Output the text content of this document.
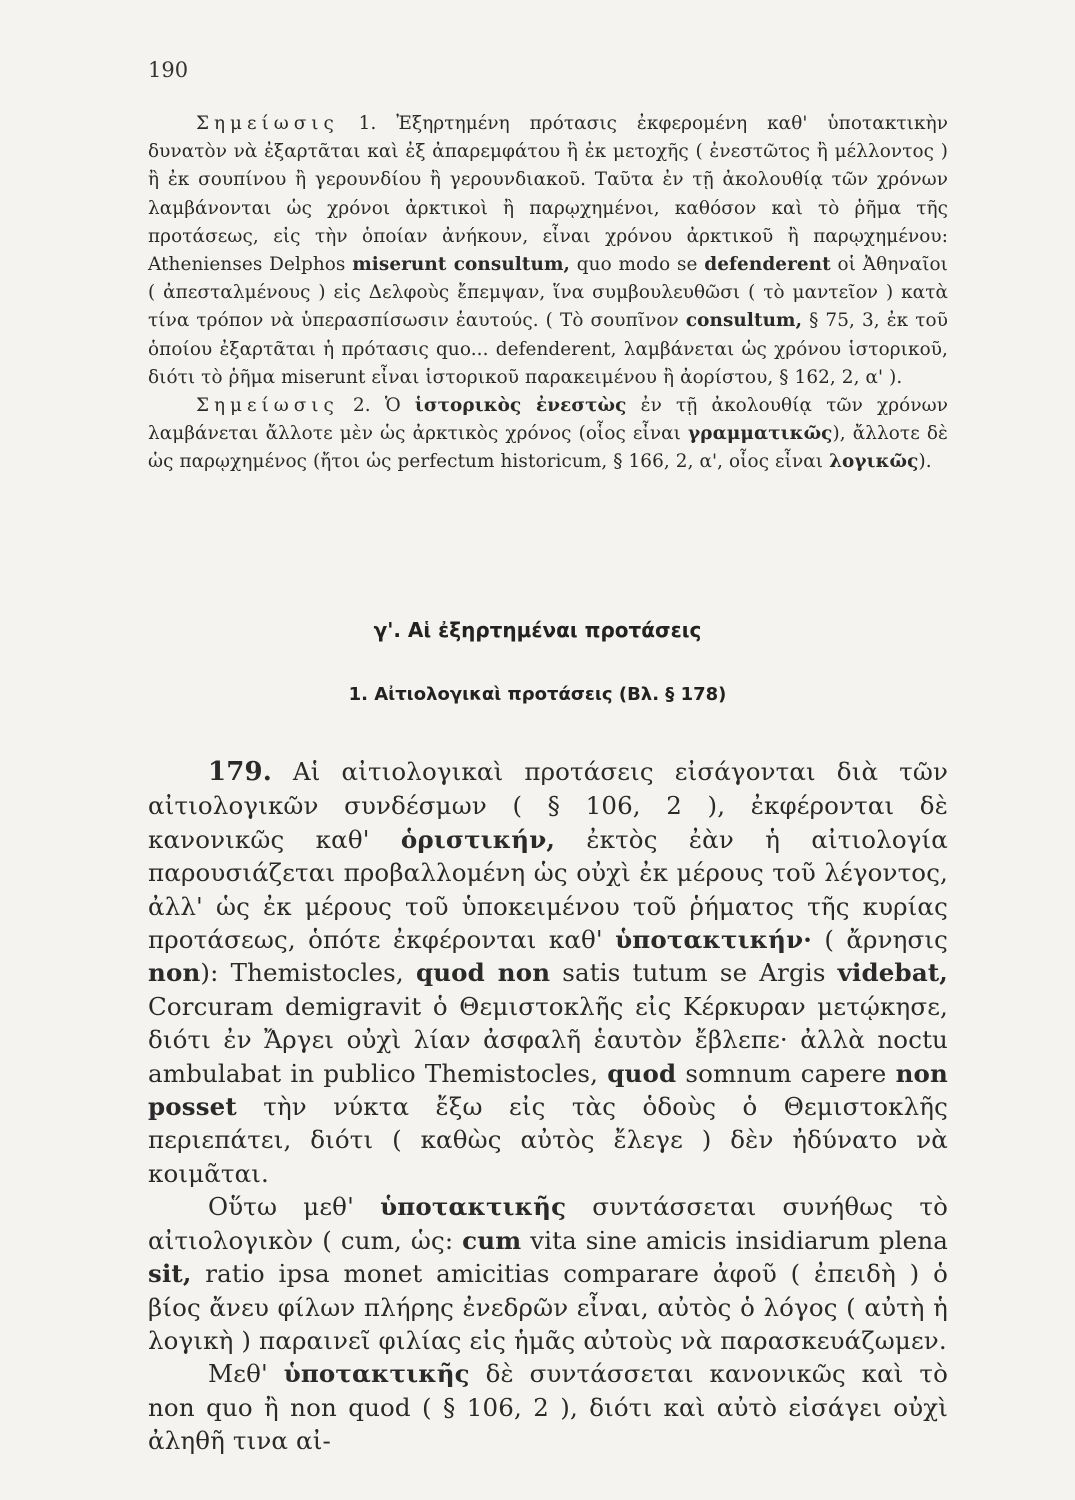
190

Σημείωσις 1. Ἐξηρτημένη πρότασις ἐκφερομένη καθ' ὑποτακτικὴν δυνατὸν νὰ ἐξαρτᾶται καὶ ἐξ ἀπαρεμφάτου ἢ ἐκ μετοχῆς ( ἐνεστῶτος ἢ μέλλοντος ) ἢ ἐκ σουπίνου ἢ γερουνδίου ἢ γερουνδιακοῦ. Ταῦτα ἐν τῇ ἀκολουθίᾳ τῶν χρόνων λαμβάνονται ὡς χρόνοι ἀρκτικοὶ ἢ παρῳχημένοι, καθόσον καὶ τὸ ῥῆμα τῆς προτάσεως, εἰς τὴν ὁποίαν ἀνήκουν, εἶναι χρόνου ἀρκτικοῦ ἢ παρῳχημένου: Athenienses Delphos miserunt consultum, quo modo se defenderent οἱ Ἀθηναῖοι ( ἀπεσταλμένους ) εἰς Δελφοὺς ἔπεμψαν, ἵνα συμβουλευθῶσι ( τὸ μαντεῖον ) κατὰ τίνα τρόπον νὰ ὑπερασπίσωσιν ἑαυτούς. ( Τὸ σουπῖνον consultum, § 75, 3, ἐκ τοῦ ὁποίου ἐξαρτᾶται ἡ πρότασις quo... defenderent, λαμβάνεται ὡς χρόνου ἱστορικοῦ, διότι τὸ ῥῆμα miserunt εἶναι ἱστορικοῦ παρακειμένου ἢ ἀορίστου, § 162, 2, α' ).

Σημείωσις 2. Ὁ ἱστορικὸς ἐνεστὼς ἐν τῇ ἀκολουθίᾳ τῶν χρόνων λαμβάνεται ἄλλοτε μὲν ὡς ἀρκτικὸς χρόνος (οἷος εἶναι γραμματικῶς), ἄλλοτε δὲ ὡς παρῳχημένος (ἤτοι ὡς perfectum historicum, § 166, 2, α', οἷος εἶναι λογικῶς).

γ'. Αἱ ἐξηρτημέναι προτάσεις
1. Αἰτιολογικαὶ προτάσεις (Βλ. § 178)

179. Αἱ αἰτιολογικαὶ προτάσεις εἰσάγονται διὰ τῶν αἰτιολογικῶν συνδέσμων ( § 106, 2 ), ἐκφέρονται δὲ κανονικῶς καθ' ὁριστικήν, ἐκτὸς ἐὰν ἡ αἰτιολογία παρουσιάζεται προβαλλομένη ὡς οὐχὶ ἐκ μέρους τοῦ λέγοντος, ἀλλ' ὡς ἐκ μέρους τοῦ ὑποκειμένου τοῦ ῥήματος τῆς κυρίας προτάσεως, ὁπότε ἐκφέρονται καθ' ὑποτακτικήν· ( ἄρνησις non): Themistocles, quod non satis tutum se Argis videbat, Corcuram demigravit ὁ Θεμιστοκλῆς εἰς Κέρκυραν μετῴκησε, διότι ἐν Ἄργει οὐχὶ λίαν ἀσφαλῆ ἑαυτὸν ἔβλεπε· ἀλλὰ noctu ambulabat in publico Themistocles, quod somnum capere non posset τὴν νύκτα ἔξω εἰς τὰς ὁδοὺς ὁ Θεμιστοκλῆς περιεπάτει, διότι ( καθὼς αὐτὸς ἔλεγε ) δὲν ἠδύνατο νὰ κοιμᾶται.

Οὕτω μεθ' ὑποτακτικῆς συντάσσεται συνήθως τὸ αἰτιολογικὸν ( cum, ὡς: cum vita sine amicis insidiarum plena sit, ratio ipsa monet amicitias comparare ἀφοῦ ( ἐπειδὴ ) ὁ βίος ἄνευ φίλων πλήρης ἐνεδρῶν εἶναι, αὐτὸς ὁ λόγος ( αὐτὴ ἡ λογικὴ ) παραινεῖ φιλίας εἰς ἡμᾶς αὐτοὺς νὰ παρασκευάζωμεν.

Μεθ' ὑποτακτικῆς δὲ συντάσσεται κανονικῶς καὶ τὸ non quo ἢ non quod ( § 106, 2 ), διότι καὶ αὐτὸ εἰσάγει οὐχὶ ἀληθῆ τινα αἰ-
